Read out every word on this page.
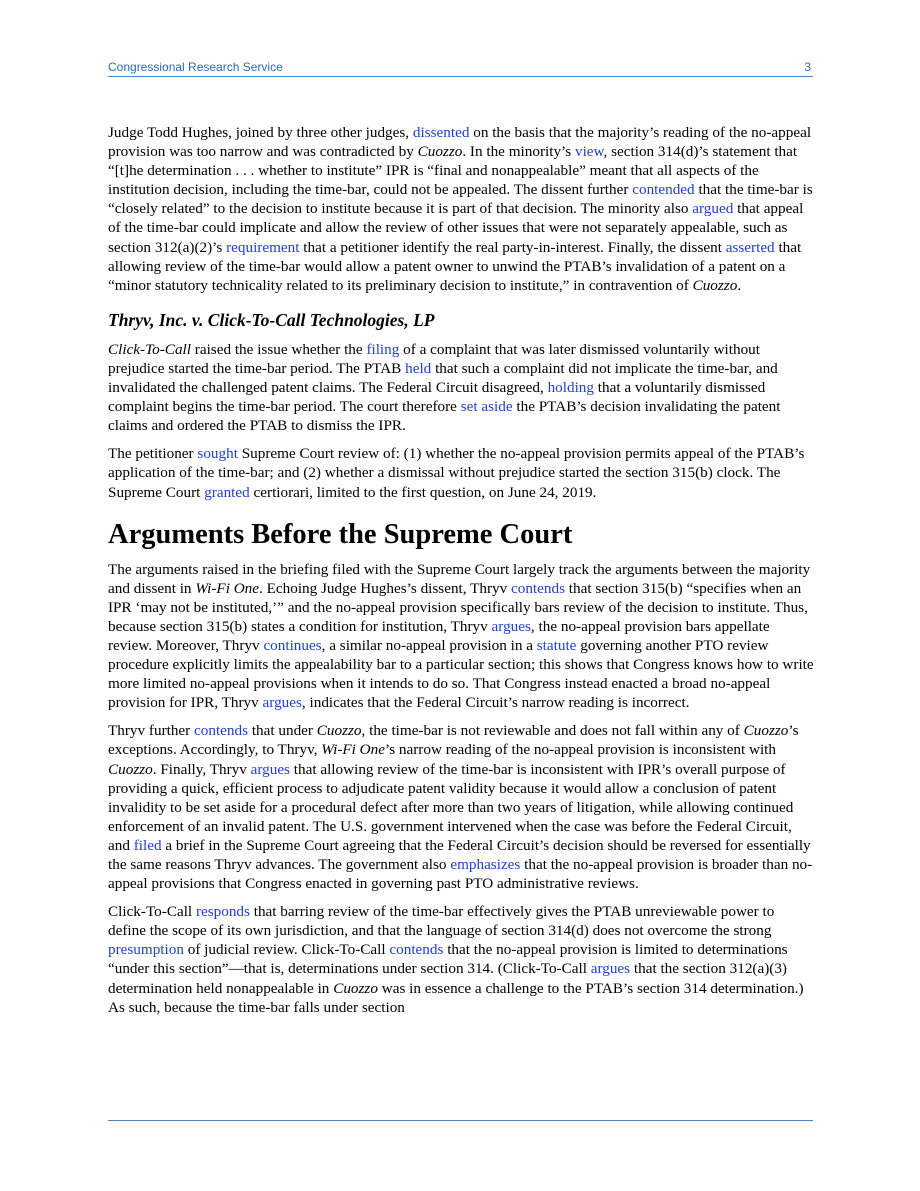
Congressional Research Service	3

Judge Todd Hughes, joined by three other judges, dissented on the basis that the majority’s reading of the no-appeal provision was too narrow and was contradicted by Cuozzo. In the minority’s view, section 314(d)’s statement that “[t]he determination . . . whether to institute” IPR is “final and nonappealable” meant that all aspects of the institution decision, including the time-bar, could not be appealed. The dissent further contended that the time-bar is “closely related” to the decision to institute because it is part of that decision. The minority also argued that appeal of the time-bar could implicate and allow the review of other issues that were not separately appealable, such as section 312(a)(2)’s requirement that a petitioner identify the real party-in-interest. Finally, the dissent asserted that allowing review of the time-bar would allow a patent owner to unwind the PTAB’s invalidation of a patent on a “minor statutory technicality related to its preliminary decision to institute,” in contravention of Cuozzo.

Thryv, Inc. v. Click-To-Call Technologies, LP

Click-To-Call raised the issue whether the filing of a complaint that was later dismissed voluntarily without prejudice started the time-bar period. The PTAB held that such a complaint did not implicate the time-bar, and invalidated the challenged patent claims. The Federal Circuit disagreed, holding that a voluntarily dismissed complaint begins the time-bar period. The court therefore set aside the PTAB’s decision invalidating the patent claims and ordered the PTAB to dismiss the IPR.

The petitioner sought Supreme Court review of: (1) whether the no-appeal provision permits appeal of the PTAB’s application of the time-bar; and (2) whether a dismissal without prejudice started the section 315(b) clock. The Supreme Court granted certiorari, limited to the first question, on June 24, 2019.

Arguments Before the Supreme Court

The arguments raised in the briefing filed with the Supreme Court largely track the arguments between the majority and dissent in Wi-Fi One. Echoing Judge Hughes’s dissent, Thryv contends that section 315(b) “specifies when an IPR ‘may not be instituted,’” and the no-appeal provision specifically bars review of the decision to institute. Thus, because section 315(b) states a condition for institution, Thryv argues, the no-appeal provision bars appellate review. Moreover, Thryv continues, a similar no-appeal provision in a statute governing another PTO review procedure explicitly limits the appealability bar to a particular section; this shows that Congress knows how to write more limited no-appeal provisions when it intends to do so. That Congress instead enacted a broad no-appeal provision for IPR, Thryv argues, indicates that the Federal Circuit’s narrow reading is incorrect.

Thryv further contends that under Cuozzo, the time-bar is not reviewable and does not fall within any of Cuozzo’s exceptions. Accordingly, to Thryv, Wi-Fi One’s narrow reading of the no-appeal provision is inconsistent with Cuozzo. Finally, Thryv argues that allowing review of the time-bar is inconsistent with IPR’s overall purpose of providing a quick, efficient process to adjudicate patent validity because it would allow a conclusion of patent invalidity to be set aside for a procedural defect after more than two years of litigation, while allowing continued enforcement of an invalid patent. The U.S. government intervened when the case was before the Federal Circuit, and filed a brief in the Supreme Court agreeing that the Federal Circuit’s decision should be reversed for essentially the same reasons Thryv advances. The government also emphasizes that the no-appeal provision is broader than no-appeal provisions that Congress enacted in governing past PTO administrative reviews.

Click-To-Call responds that barring review of the time-bar effectively gives the PTAB unreviewable power to define the scope of its own jurisdiction, and that the language of section 314(d) does not overcome the strong presumption of judicial review. Click-To-Call contends that the no-appeal provision is limited to determinations “under this section”—that is, determinations under section 314. (Click-To-Call argues that the section 312(a)(3) determination held nonappealable in Cuozzo was in essence a challenge to the PTAB’s section 314 determination.) As such, because the time-bar falls under section
